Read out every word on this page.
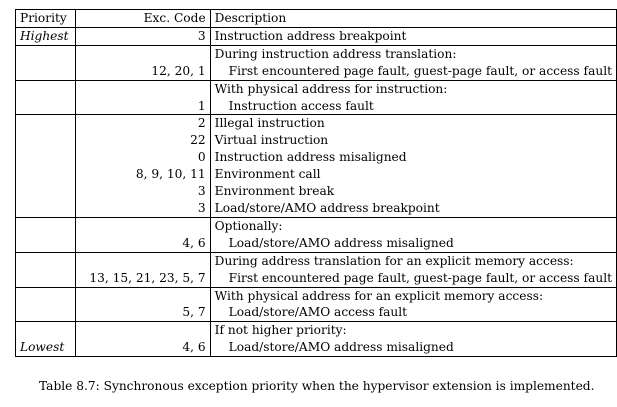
Priority	Exc. Code	Description
Highest	3	Instruction address breakpoint
		During instruction address translation:
	12, 20, 1	First encountered page fault, guest-page fault, or access fault
		With physical address for instruction:
	1	Instruction access fault
	2	Illegal instruction
	22	Virtual instruction
	0	Instruction address misaligned
	8, 9, 10, 11	Environment call
	3	Environment break
	3	Load/store/AMO address breakpoint
		Optionally:
	4, 6	Load/store/AMO address misaligned
		During address translation for an explicit memory access:
	13, 15, 21, 23, 5, 7	First encountered page fault, guest-page fault, or access fault
		With physical address for an explicit memory access:
	5, 7	Load/store/AMO access fault
		If not higher priority:
Lowest	4, 6	Load/store/AMO address misaligned
Table 8.7: Synchronous exception priority when the hypervisor extension is implemented.
